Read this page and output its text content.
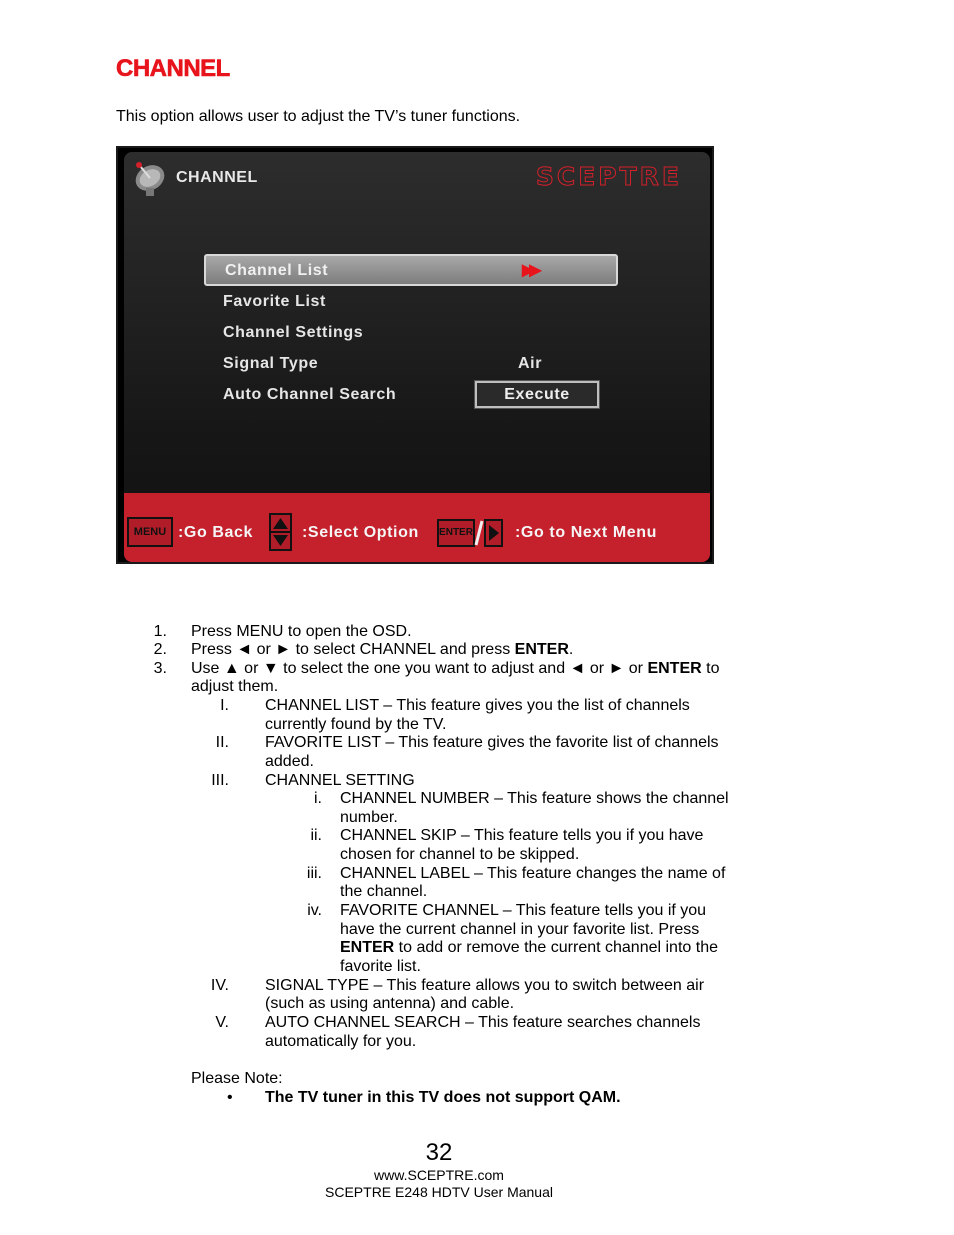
CHANNEL
This option allows user to adjust the TV’s tuner functions.
CHANNEL	SCEPTRE
Channel List	▶▶
Favorite List
Channel Settings
Signal Type	Air
Auto Channel Search	Execute
MENU :Go Back	:Select Option ENTER	:Go to Next Menu
1. Press MENU to open the OSD.
2. Press ◄ or ► to select CHANNEL and press ENTER.
3. Use ▲ or ▼ to select the one you want to adjust and ◄ or ► or ENTER to
adjust them.
I. CHANNEL LIST – This feature gives you the list of channels
currently found by the TV.
II. FAVORITE LIST – This feature gives the favorite list of channels
added.
III. CHANNEL SETTING
i. CHANNEL NUMBER – This feature shows the channel
number.
ii. CHANNEL SKIP – This feature tells you if you have
chosen for channel to be skipped.
iii. CHANNEL LABEL – This feature changes the name of
the channel.
iv. FAVORITE CHANNEL – This feature tells you if you
have the current channel in your favorite list. Press
ENTER to add or remove the current channel into the
favorite list.
IV. SIGNAL TYPE – This feature allows you to switch between air
(such as using antenna) and cable.
V. AUTO CHANNEL SEARCH – This feature searches channels
automatically for you.
Please Note:
• The TV tuner in this TV does not support QAM.
32
www.SCEPTRE.com
SCEPTRE E248 HDTV User Manual
